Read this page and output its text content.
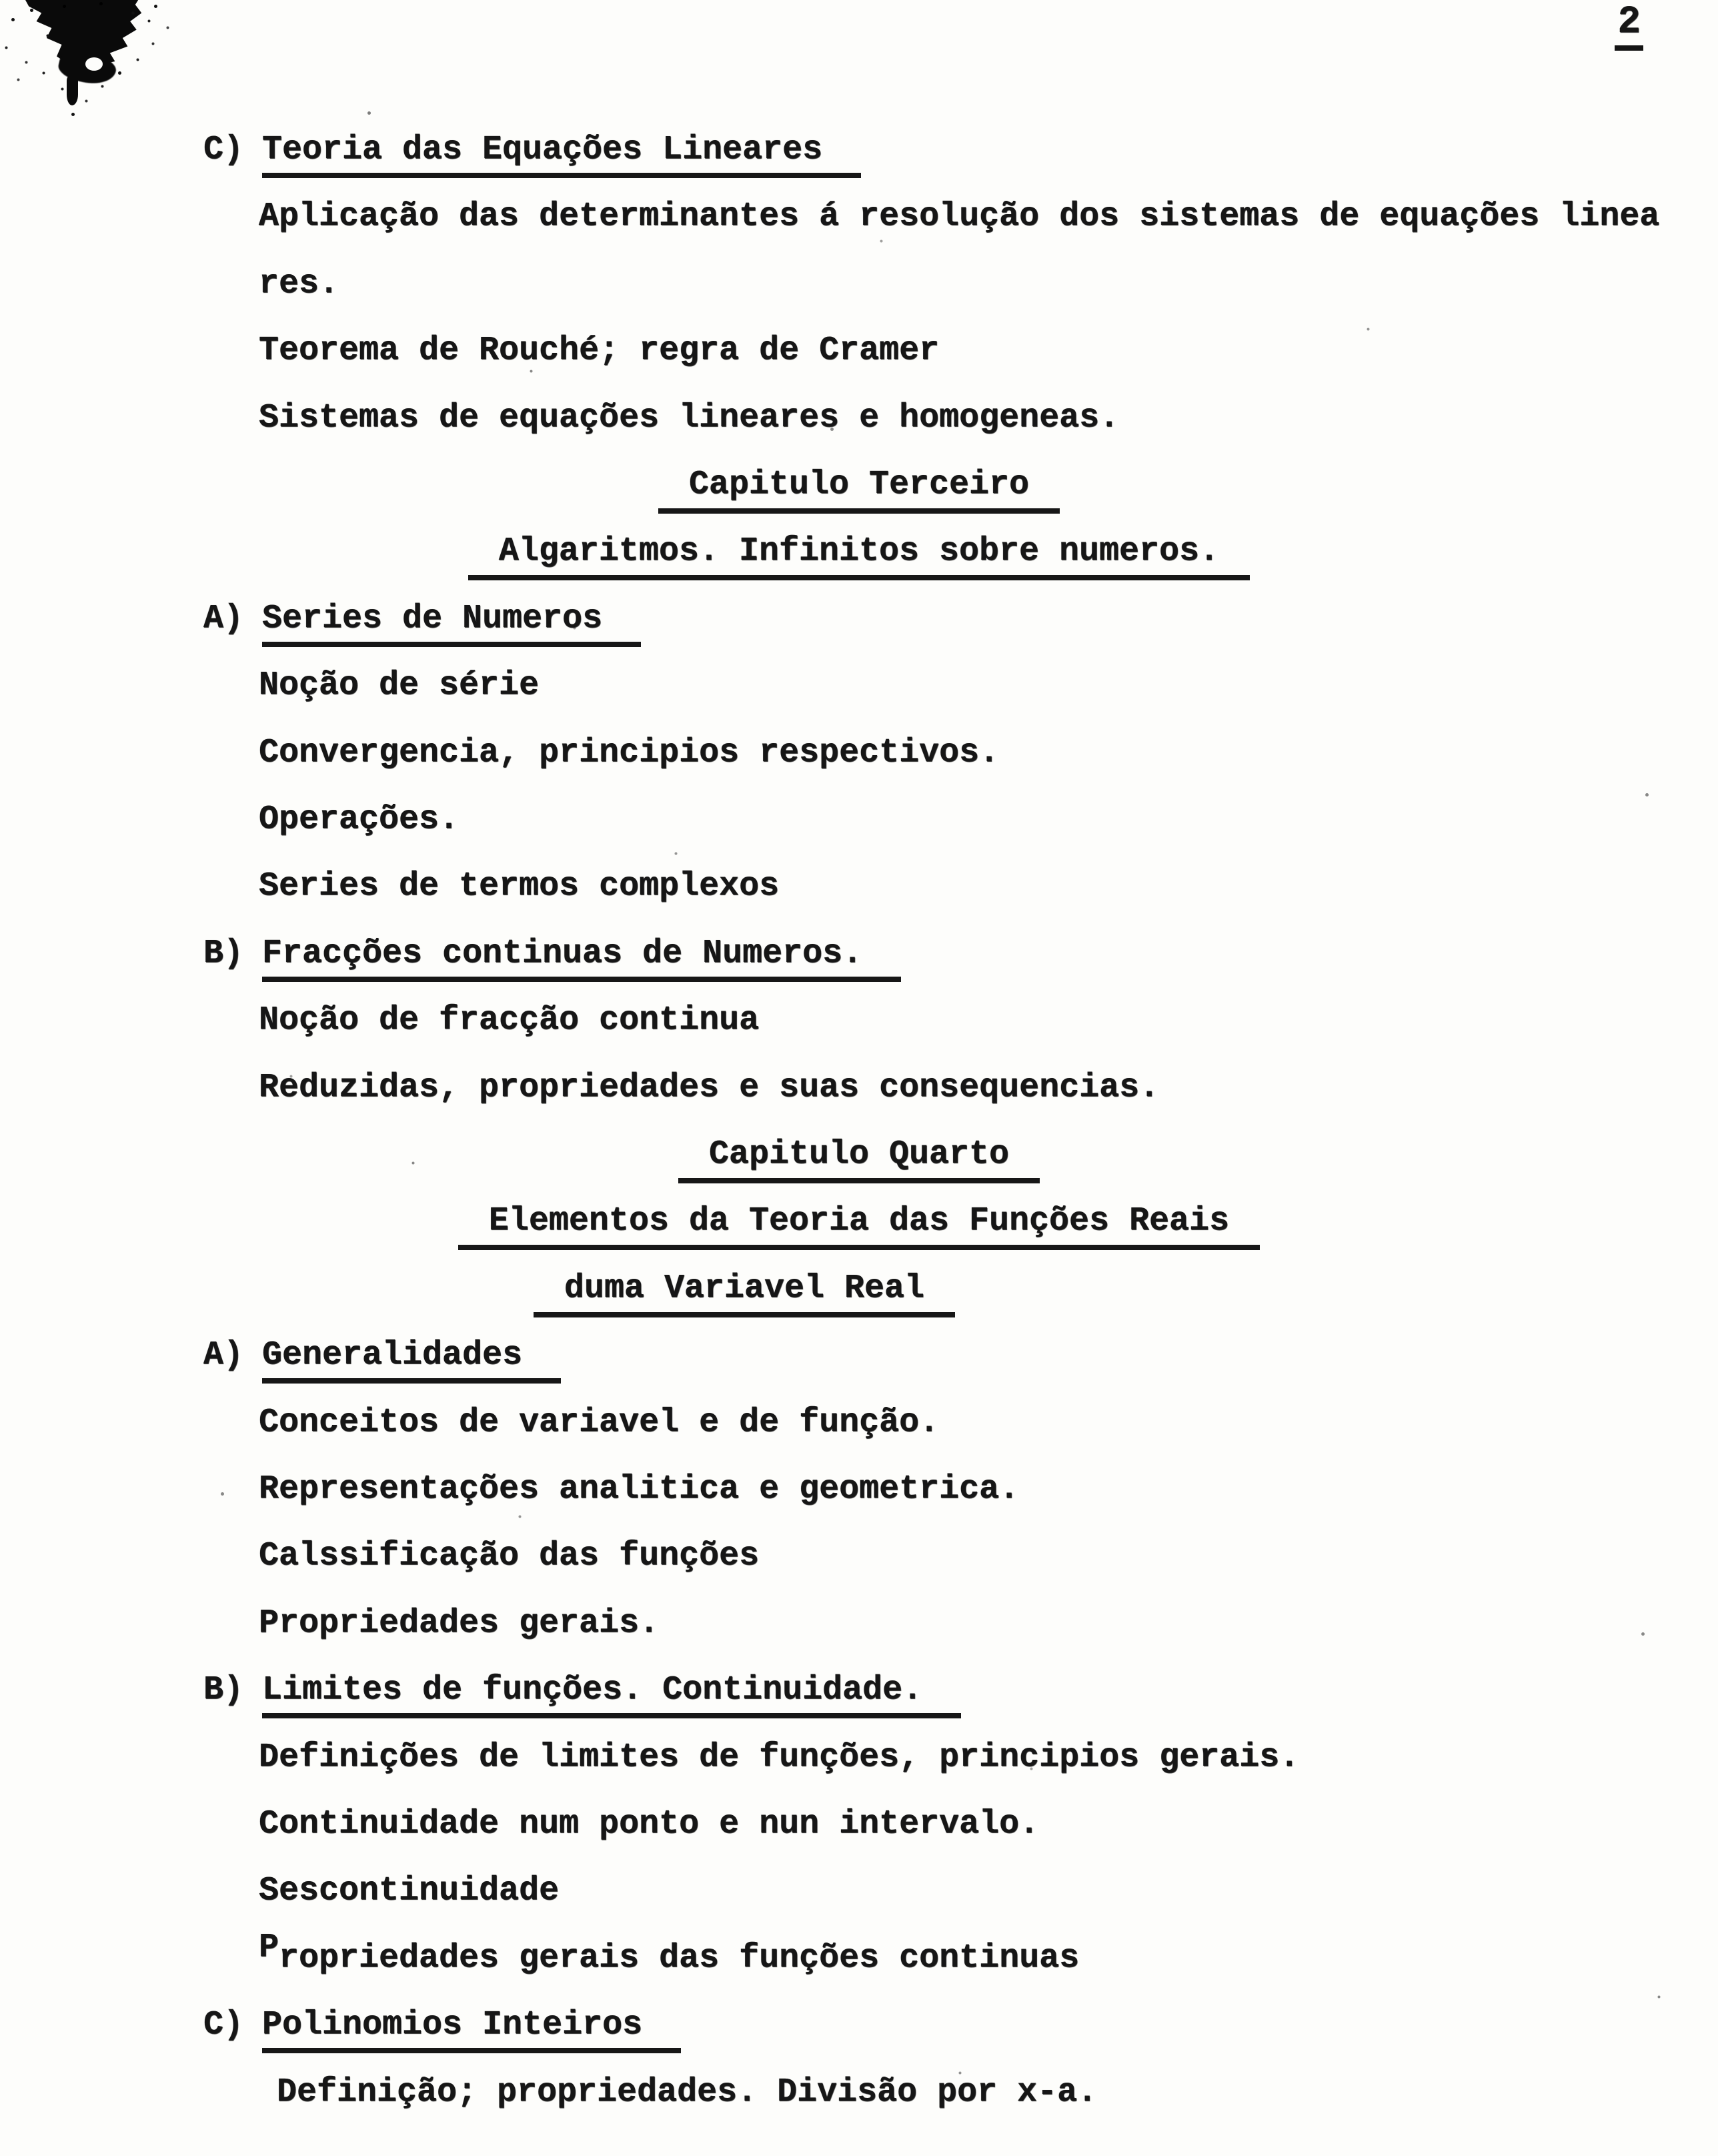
2
C) Teoria das Equações Lineares
Aplicação das determinantes á resolução dos sistemas de equações linea
res.
Teorema de Rouché; regra de Cramer
Sistemas de equações lineares e homogeneas.
Capitulo Terceiro
Algaritmos. Infinitos sobre numeros.
A) Series de Numeros
Noção de série
Convergencia, principios respectivos.
Operações.
Series de termos complexos
B) Fracções continuas de Numeros.
Noção de fracção continua
Reduzidas, propriedades e suas consequencias.
Capitulo Quarto
Elementos da Teoria das Funções Reais
duma Variavel Real
A) Generalidades
Conceitos de variavel e de função.
Representações analitica e geometrica.
Calssificação das funções
Propriedades gerais.
B) Limites de funções. Continuidade.
Definições de limites de funções, principios gerais.
Continuidade num ponto e nun intervalo.
Sescontinuidade
Propriedades gerais das funções continuas
C) Polinomios Inteiros
Definição; propriedades. Divisão por x-a.
